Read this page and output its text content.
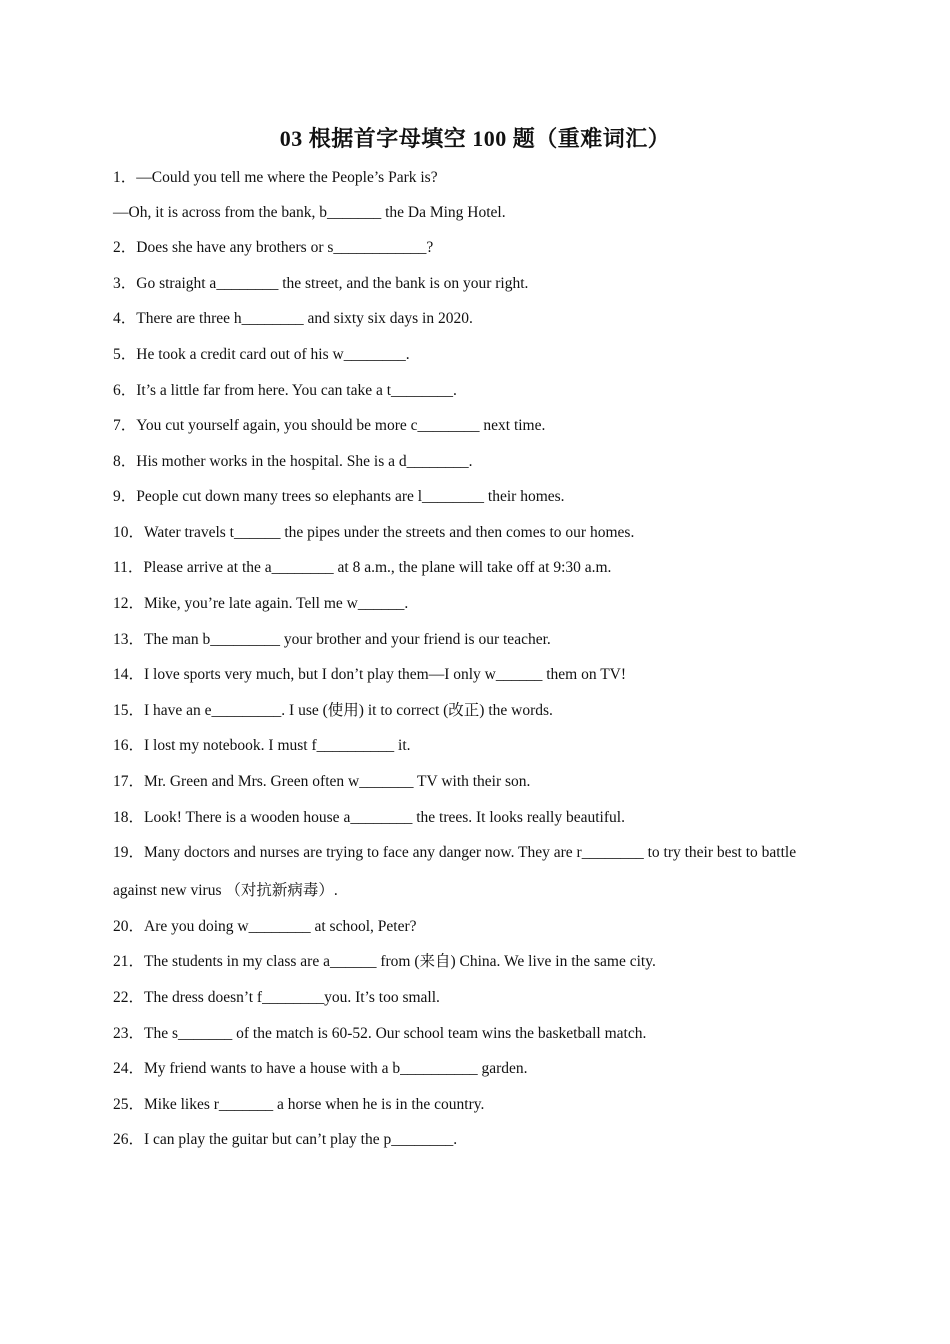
03 根据首字母填空 100 题（重难词汇）
1．—Could you tell me where the People’s Park is?
—Oh, it is across from the bank, b_______ the Da Ming Hotel.
2．Does she have any brothers or s____________?
3．Go straight a________ the street, and the bank is on your right.
4．There are three h________ and sixty six days in 2020.
5．He took a credit card out of his w________.
6．It’s a little far from here. You can take a t________.
7．You cut yourself again, you should be more c________ next time.
8．His mother works in the hospital. She is a d________.
9．People cut down many trees so elephants are l________ their homes.
10．Water travels t______ the pipes under the streets and then comes to our homes.
11．Please arrive at the a________ at 8 a.m., the plane will take off at 9:30 a.m.
12．Mike, you’re late again. Tell me w______.
13．The man b_________ your brother and your friend is our teacher.
14．I love sports very much, but I don’t play them—I only w______ them on TV!
15．I have an e_________. I use (使用) it to correct (改正) the words.
16．I lost my notebook. I must f__________ it.
17．Mr. Green and Mrs. Green often w_______ TV with their son.
18．Look! There is a wooden house a________ the trees. It looks really beautiful.
19．Many doctors and nurses are trying to face any danger now. They are r________ to try their best to battle
against new virus （对抗新病毒）.
20．Are you doing w________ at school, Peter?
21．The students in my class are a______ from (来自) China. We live in the same city.
22．The dress doesn’t f________you. It’s too small.
23．The s_______ of the match is 60-52. Our school team wins the basketball match.
24．My friend wants to have a house with a b__________ garden.
25．Mike likes r_______ a horse when he is in the country.
26．I can play the guitar but can’t play the p________.
